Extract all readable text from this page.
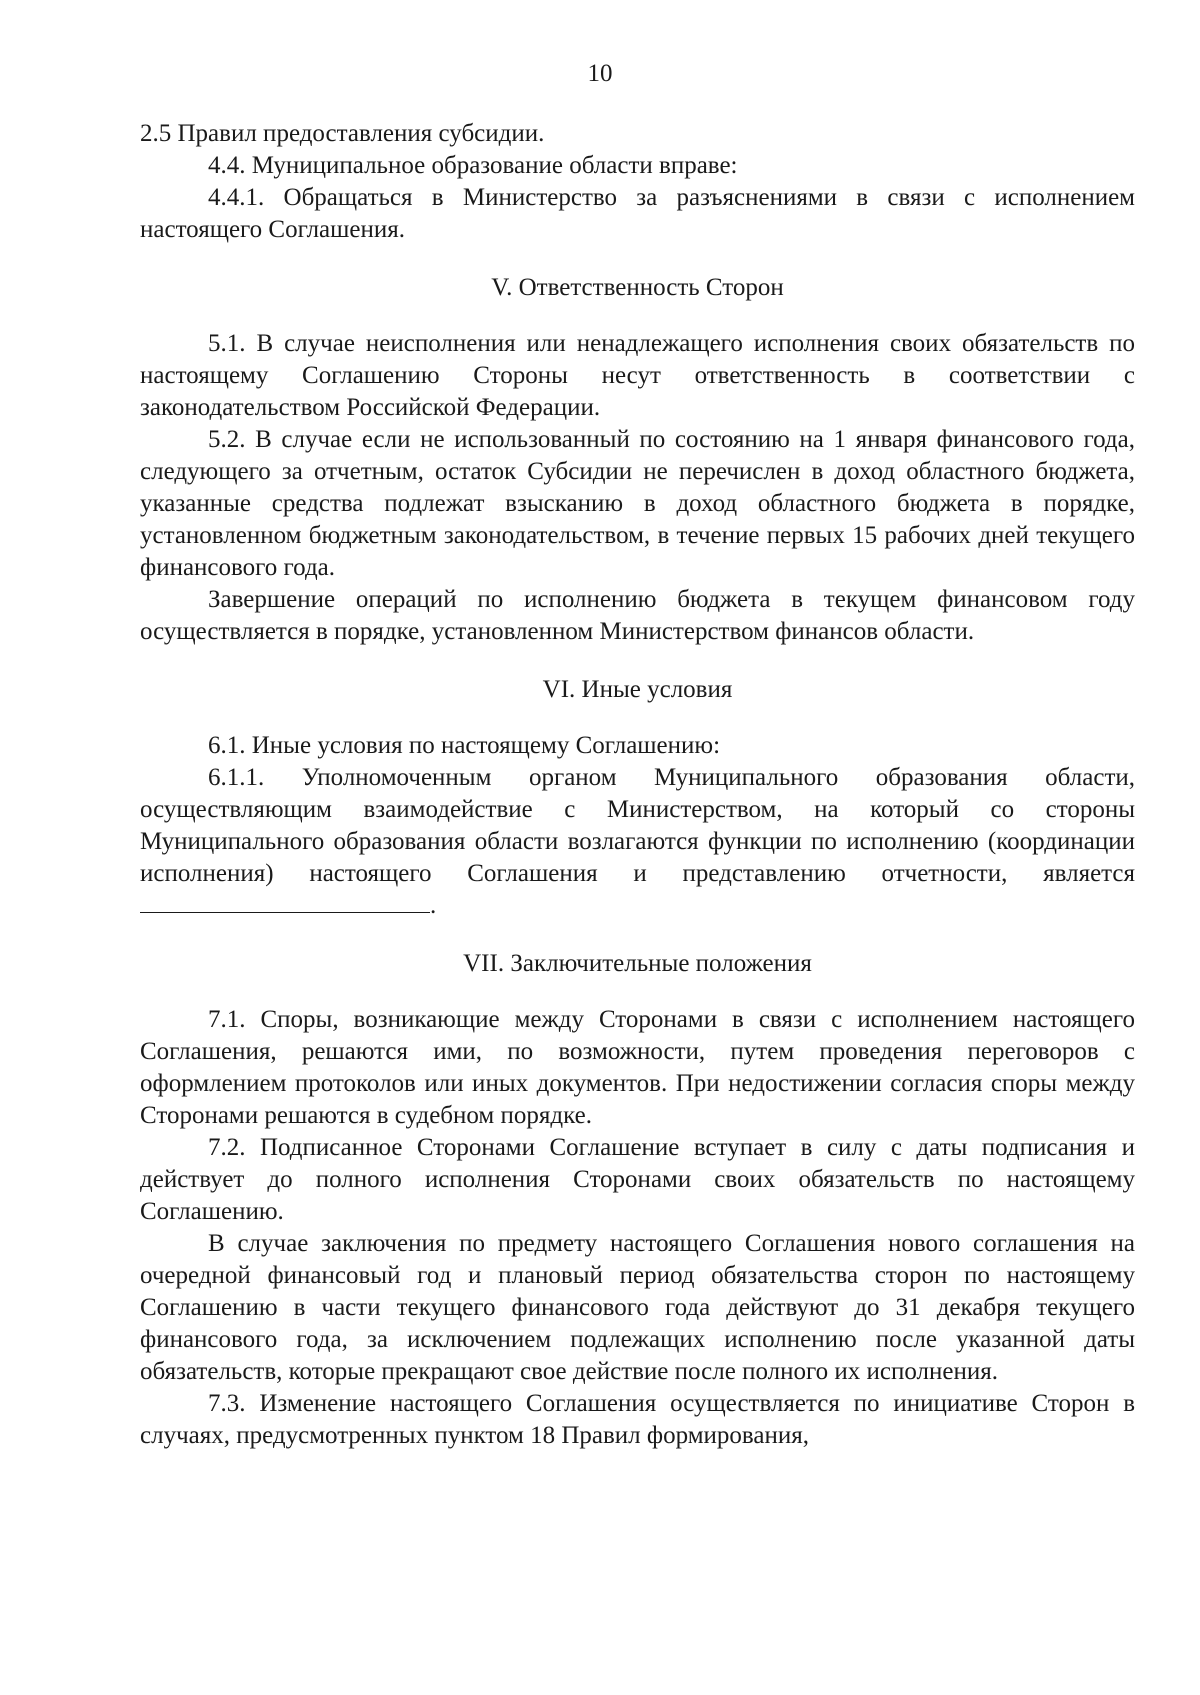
10

2.5 Правил предоставления субсидии.

4.4. Муниципальное образование области вправе:

4.4.1. Обращаться в Министерство за разъяснениями в связи с исполнением настоящего Соглашения.

V. Ответственность Сторон

5.1. В случае неисполнения или ненадлежащего исполнения своих обязательств по настоящему Соглашению Стороны несут ответственность в соответствии с законодательством Российской Федерации.

5.2. В случае если не использованный по состоянию на 1 января финансового года, следующего за отчетным, остаток Субсидии не перечислен в доход областного бюджета, указанные средства подлежат взысканию в доход областного бюджета в порядке, установленном бюджетным законодательством, в течение первых 15 рабочих дней текущего финансового года.

Завершение операций по исполнению бюджета в текущем финансовом году осуществляется в порядке, установленном Министерством финансов области.

VI. Иные условия

6.1. Иные условия по настоящему Соглашению:

6.1.1. Уполномоченным органом Муниципального образования области, осуществляющим взаимодействие с Министерством, на который со стороны Муниципального образования области возлагаются функции по исполнению (координации исполнения) настоящего Соглашения и представлению отчетности, является .

VII. Заключительные положения

7.1. Споры, возникающие между Сторонами в связи с исполнением настоящего Соглашения, решаются ими, по возможности, путем проведения переговоров с оформлением протоколов или иных документов. При недостижении согласия споры между Сторонами решаются в судебном порядке.

7.2. Подписанное Сторонами Соглашение вступает в силу с даты подписания и действует до полного исполнения Сторонами своих обязательств по настоящему Соглашению.

В случае заключения по предмету настоящего Соглашения нового соглашения на очередной финансовый год и плановый период обязательства сторон по настоящему Соглашению в части текущего финансового года действуют до 31 декабря текущего финансового года, за исключением подлежащих исполнению после указанной даты обязательств, которые прекращают свое действие после полного их исполнения.

7.3. Изменение настоящего Соглашения осуществляется по инициативе Сторон в случаях, предусмотренных пунктом 18 Правил формирования,
